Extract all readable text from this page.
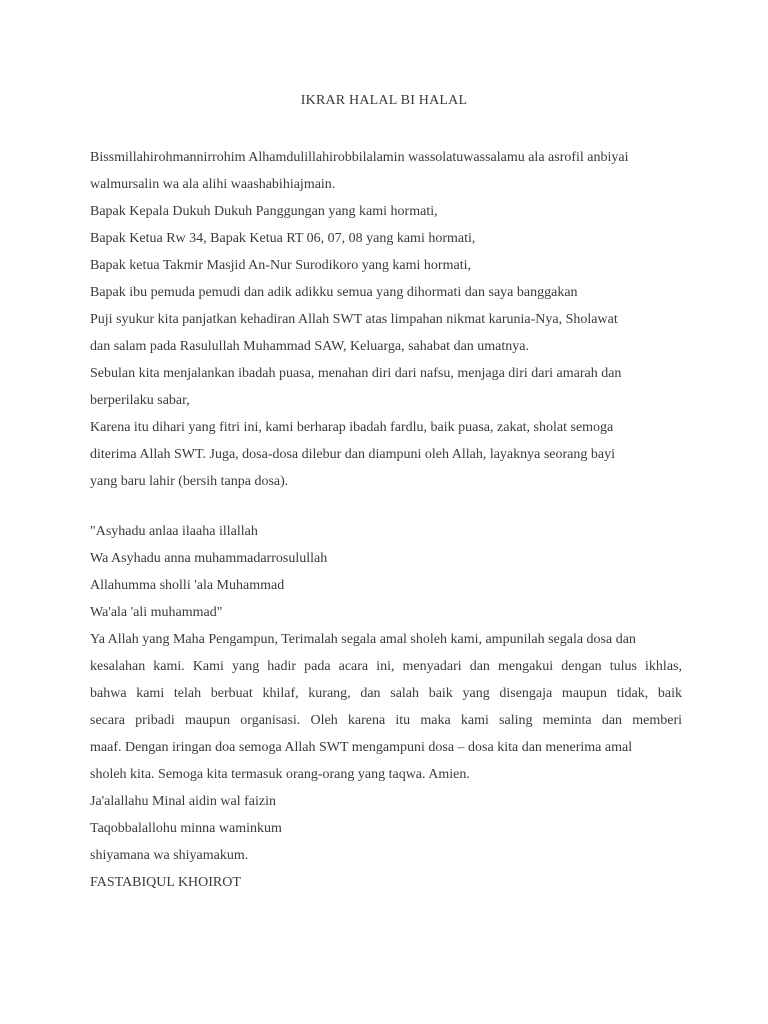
IKRAR HALAL BI HALAL
Bissmillahirohmannirrohim Alhamdulillahirobbilalamin wassolatuwassalamu ala asrofil anbiyai
walmursalin wa ala alihi waashabihiajmain.
Bapak Kepala Dukuh Dukuh Panggungan yang kami hormati,
Bapak Ketua Rw 34, Bapak Ketua RT 06, 07, 08 yang kami hormati,
Bapak ketua Takmir Masjid An-Nur Surodikoro yang kami hormati,
Bapak ibu pemuda pemudi dan adik adikku semua yang dihormati dan saya banggakan
Puji syukur kita panjatkan kehadiran Allah SWT atas limpahan nikmat karunia-Nya, Sholawat
dan salam pada Rasulullah Muhammad SAW, Keluarga, sahabat dan umatnya.
Sebulan kita menjalankan ibadah puasa, menahan diri dari nafsu, menjaga diri dari amarah dan
berperilaku sabar,
Karena itu dihari yang fitri ini, kami berharap ibadah fardlu, baik puasa, zakat, sholat semoga
diterima Allah SWT. Juga, dosa-dosa dilebur dan diampuni oleh Allah, layaknya seorang bayi
yang baru lahir (bersih tanpa dosa).
"Asyhadu anlaa ilaaha illallah
Wa Asyhadu anna muhammadarrosulullah
Allahumma sholli 'ala Muhammad
Wa'ala 'ali muhammad"
Ya Allah yang Maha Pengampun, Terimalah segala amal sholeh kami, ampunilah segala dosa dan
kesalahan kami. Kami yang hadir pada acara ini, menyadari dan mengakui dengan tulus ikhlas,
bahwa kami telah berbuat khilaf, kurang, dan salah baik yang disengaja maupun tidak, baik
secara pribadi maupun organisasi. Oleh karena itu maka kami saling meminta dan memberi
maaf. Dengan iringan doa semoga Allah SWT mengampuni dosa – dosa kita dan menerima amal
sholeh kita. Semoga kita termasuk orang-orang yang taqwa. Amien.
Ja'alallahu Minal aidin wal faizin
Taqobbalallohu minna waminkum
shiyamana wa shiyamakum.
FASTABIQUL KHOIROT
